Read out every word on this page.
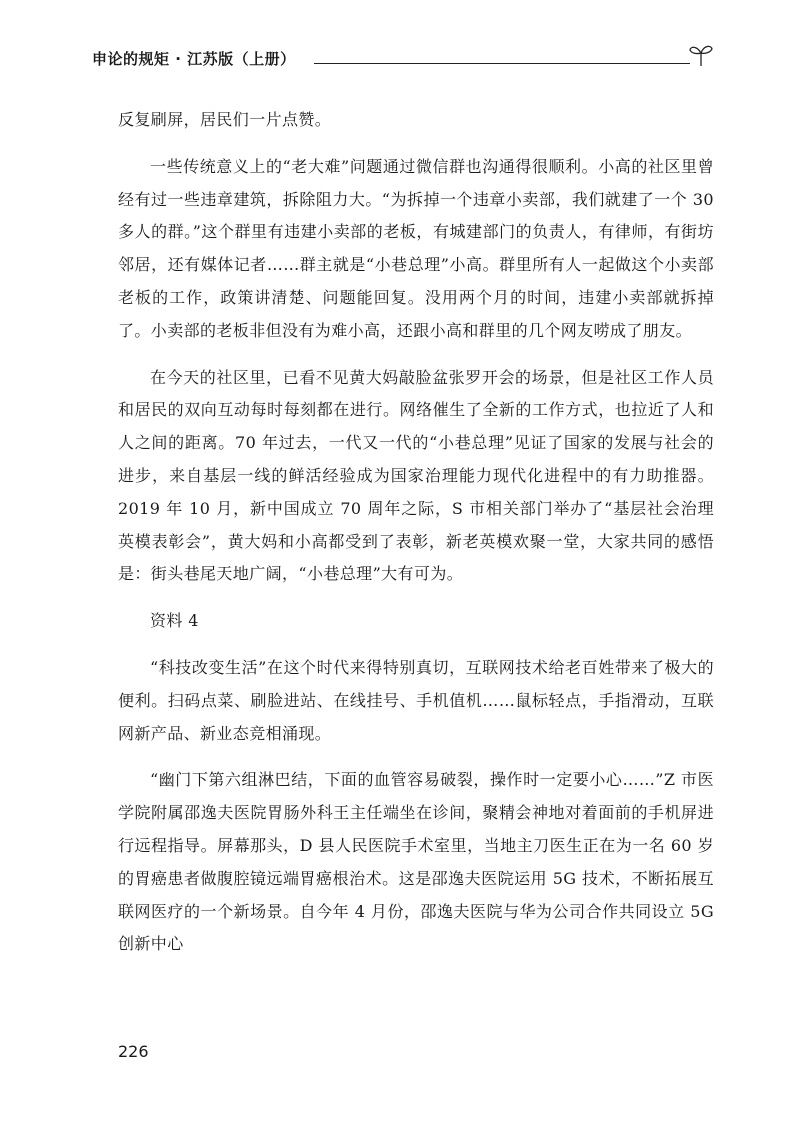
申论的规矩 · 江苏版（上册）

反复刷屏，居民们一片点赞。

一些传统意义上的“老大难”问题通过微信群也沟通得很顺利。小高的社区里曾经有过一些违章建筑，拆除阻力大。“为拆掉一个违章小卖部，我们就建了一个 30 多人的群。”这个群里有违建小卖部的老板，有城建部门的负责人，有律师，有街坊邻居，还有媒体记者……群主就是“小巷总理”小高。群里所有人一起做这个小卖部老板的工作，政策讲清楚、问题能回复。没用两个月的时间，违建小卖部就拆掉了。小卖部的老板非但没有为难小高，还跟小高和群里的几个网友唠成了朋友。

在今天的社区里，已看不见黄大妈敲脸盆张罗开会的场景，但是社区工作人员和居民的双向互动每时每刻都在进行。网络催生了全新的工作方式，也拉近了人和人之间的距离。70 年过去，一代又一代的“小巷总理”见证了国家的发展与社会的进步，来自基层一线的鲜活经验成为国家治理能力现代化进程中的有力助推器。2019 年 10 月，新中国成立 70 周年之际，S 市相关部门举办了“基层社会治理英模表彰会”，黄大妈和小高都受到了表彰，新老英模欢聚一堂，大家共同的感悟是：街头巷尾天地广阔，“小巷总理”大有可为。

资料 4

“科技改变生活”在这个时代来得特别真切，互联网技术给老百姓带来了极大的便利。扫码点菜、刷脸进站、在线挂号、手机值机……鼠标轻点，手指滑动，互联网新产品、新业态竞相涌现。

“幽门下第六组淋巴结，下面的血管容易破裂，操作时一定要小心……”Z 市医学院附属邵逸夫医院胃肠外科王主任端坐在诊间，聚精会神地对着面前的手机屏进行远程指导。屏幕那头，D 县人民医院手术室里，当地主刀医生正在为一名 60 岁的胃癌患者做腹腔镜远端胃癌根治术。这是邵逸夫医院运用 5G 技术，不断拓展互联网医疗的一个新场景。自今年 4 月份，邵逸夫医院与华为公司合作共同设立 5G 创新中心

226
